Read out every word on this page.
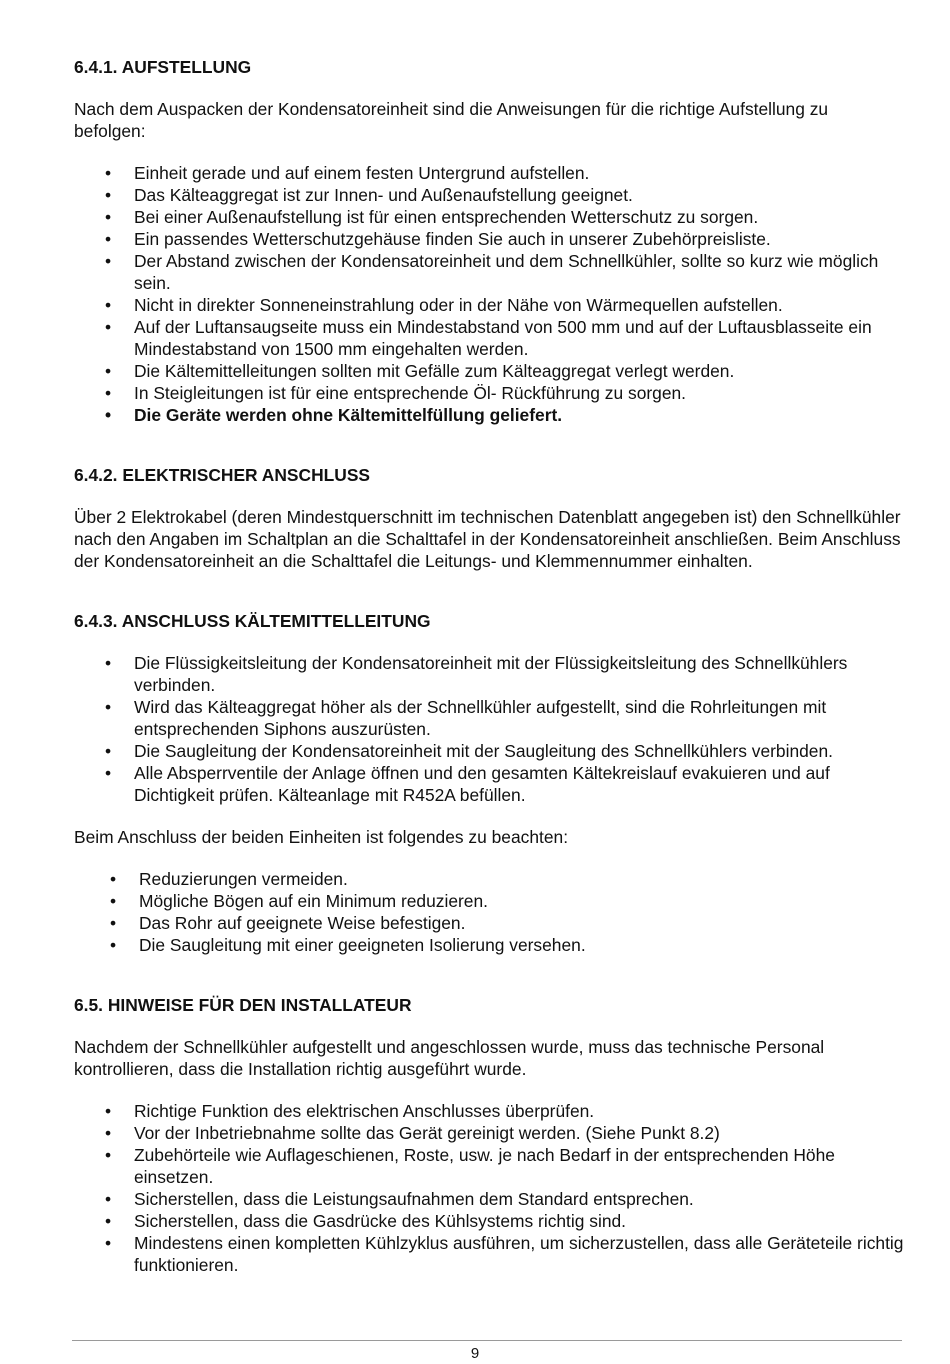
6.4.1. AUFSTELLUNG

Nach dem Auspacken der Kondensatoreinheit sind die Anweisungen für die richtige Aufstellung zu befolgen:

• Einheit gerade und auf einem festen Untergrund aufstellen.
• Das Kälteaggregat ist zur Innen- und Außenaufstellung geeignet.
• Bei einer Außenaufstellung ist für einen entsprechenden Wetterschutz zu sorgen.
• Ein passendes Wetterschutzgehäuse finden Sie auch in unserer Zubehörpreisliste.
• Der Abstand zwischen der Kondensatoreinheit und dem Schnellkühler, sollte so kurz wie möglich sein.
• Nicht in direkter Sonneneinstrahlung oder in der Nähe von Wärmequellen aufstellen.
• Auf der Luftansaugseite muss ein Mindestabstand von 500 mm und auf der Luftausblasseite ein Mindestabstand von 1500 mm eingehalten werden.
• Die Kältemittelleitungen sollten mit Gefälle zum Kälteaggregat verlegt werden.
• In Steigleitungen ist für eine entsprechende Öl- Rückführung zu sorgen.
• Die Geräte werden ohne Kältemittelfüllung geliefert.
6.4.2. ELEKTRISCHER ANSCHLUSS

Über 2 Elektrokabel (deren Mindestquerschnitt im technischen Datenblatt angegeben ist) den Schnellkühler nach den Angaben im Schaltplan an die Schalttafel in der Kondensatoreinheit anschließen. Beim Anschluss der Kondensatoreinheit an die Schalttafel die Leitungs- und Klemmennummer einhalten.

6.4.3. ANSCHLUSS KÄLTEMITTELLEITUNG
• Die Flüssigkeitsleitung der Kondensatoreinheit mit der Flüssigkeitsleitung des Schnellkühlers verbinden.
• Wird das Kälteaggregat höher als der Schnellkühler aufgestellt, sind die Rohrleitungen mit entsprechenden Siphons auszurüsten.
• Die Saugleitung der Kondensatoreinheit mit der Saugleitung des Schnellkühlers verbinden.
• Alle Absperrventile der Anlage öffnen und den gesamten Kältekreislauf evakuieren und auf Dichtigkeit prüfen. Kälteanlage mit R452A befüllen.

Beim Anschluss der beiden Einheiten ist folgendes zu beachten:

• Reduzierungen vermeiden.
• Mögliche Bögen auf ein Minimum reduzieren.
• Das Rohr auf geeignete Weise befestigen.
• Die Saugleitung mit einer geeigneten Isolierung versehen.
6.5. HINWEISE FÜR DEN INSTALLATEUR

Nachdem der Schnellkühler aufgestellt und angeschlossen wurde, muss das technische Personal kontrollieren, dass die Installation richtig ausgeführt wurde.

• Richtige Funktion des elektrischen Anschlusses überprüfen.
• Vor der Inbetriebnahme sollte das Gerät gereinigt werden. (Siehe Punkt 8.2)
• Zubehörteile wie Auflageschienen, Roste, usw. je nach Bedarf in der entsprechenden Höhe einsetzen.
• Sicherstellen, dass die Leistungsaufnahmen dem Standard entsprechen.
• Sicherstellen, dass die Gasdrücke des Kühlsystems richtig sind.
• Mindestens einen kompletten Kühlzyklus ausführen, um sicherzustellen, dass alle Geräteteile richtig funktionieren.
9
